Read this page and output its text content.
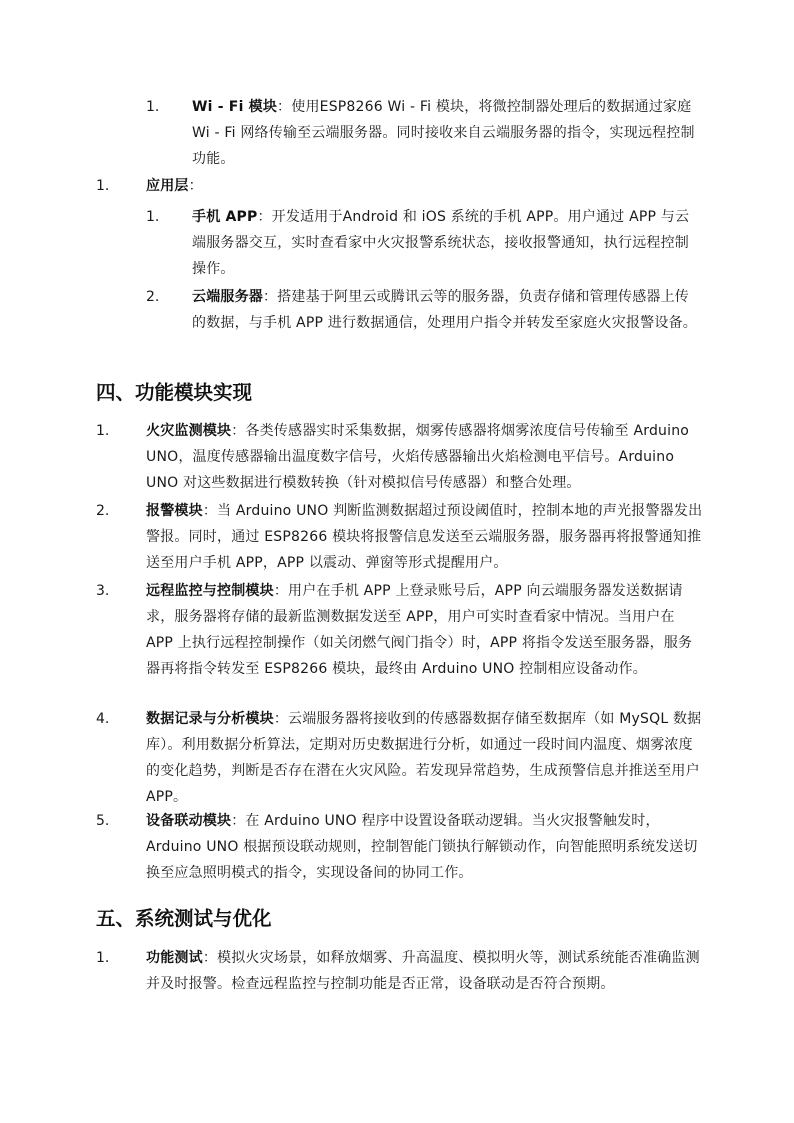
1. Wi - Fi 模块：使用ESP8266 Wi - Fi 模块，将微控制器处理后的数据通过家庭 Wi - Fi 网络传输至云端服务器。同时接收来自云端服务器的指令，实现远程控制功能。
1.	应用层：
1. 手机 APP：开发适用于Android 和 iOS 系统的手机 APP。用户通过 APP 与云端服务器交互，实时查看家中火灾报警系统状态，接收报警通知，执行远程控制操作。
2. 云端服务器：搭建基于阿里云或腾讯云等的服务器，负责存储和管理传感器上传的数据，与手机 APP 进行数据通信，处理用户指令并转发至家庭火灾报警设备。
四、功能模块实现
1.	火灾监测模块：各类传感器实时采集数据，烟雾传感器将烟雾浓度信号传输至 Arduino UNO，温度传感器输出温度数字信号，火焰传感器输出火焰检测电平信号。Arduino UNO 对这些数据进行模数转换（针对模拟信号传感器）和整合处理。
2.	报警模块：当 Arduino UNO 判断监测数据超过预设阈值时，控制本地的声光报警器发出警报。同时，通过 ESP8266 模块将报警信息发送至云端服务器，服务器再将报警通知推送至用户手机 APP，APP 以震动、弹窗等形式提醒用户。
3.	远程监控与控制模块：用户在手机 APP 上登录账号后，APP 向云端服务器发送数据请求，服务器将存储的最新监测数据发送至 APP，用户可实时查看家中情况。当用户在 APP 上执行远程控制操作（如关闭燃气阀门指令）时，APP 将指令发送至服务器，服务器再将指令转发至 ESP8266 模块，最终由 Arduino UNO 控制相应设备动作。
4.	数据记录与分析模块：云端服务器将接收到的传感器数据存储至数据库（如 MySQL 数据库）。利用数据分析算法，定期对历史数据进行分析，如通过一段时间内温度、烟雾浓度的变化趋势，判断是否存在潜在火灾风险。若发现异常趋势，生成预警信息并推送至用户 APP。
5.	设备联动模块：在 Arduino UNO 程序中设置设备联动逻辑。当火灾报警触发时，Arduino UNO 根据预设联动规则，控制智能门锁执行解锁动作，向智能照明系统发送切换至应急照明模式的指令，实现设备间的协同工作。
五、系统测试与优化
1.	功能测试：模拟火灾场景，如释放烟雾、升高温度、模拟明火等，测试系统能否准确监测并及时报警。检查远程监控与控制功能是否正常，设备联动是否符合预期。
